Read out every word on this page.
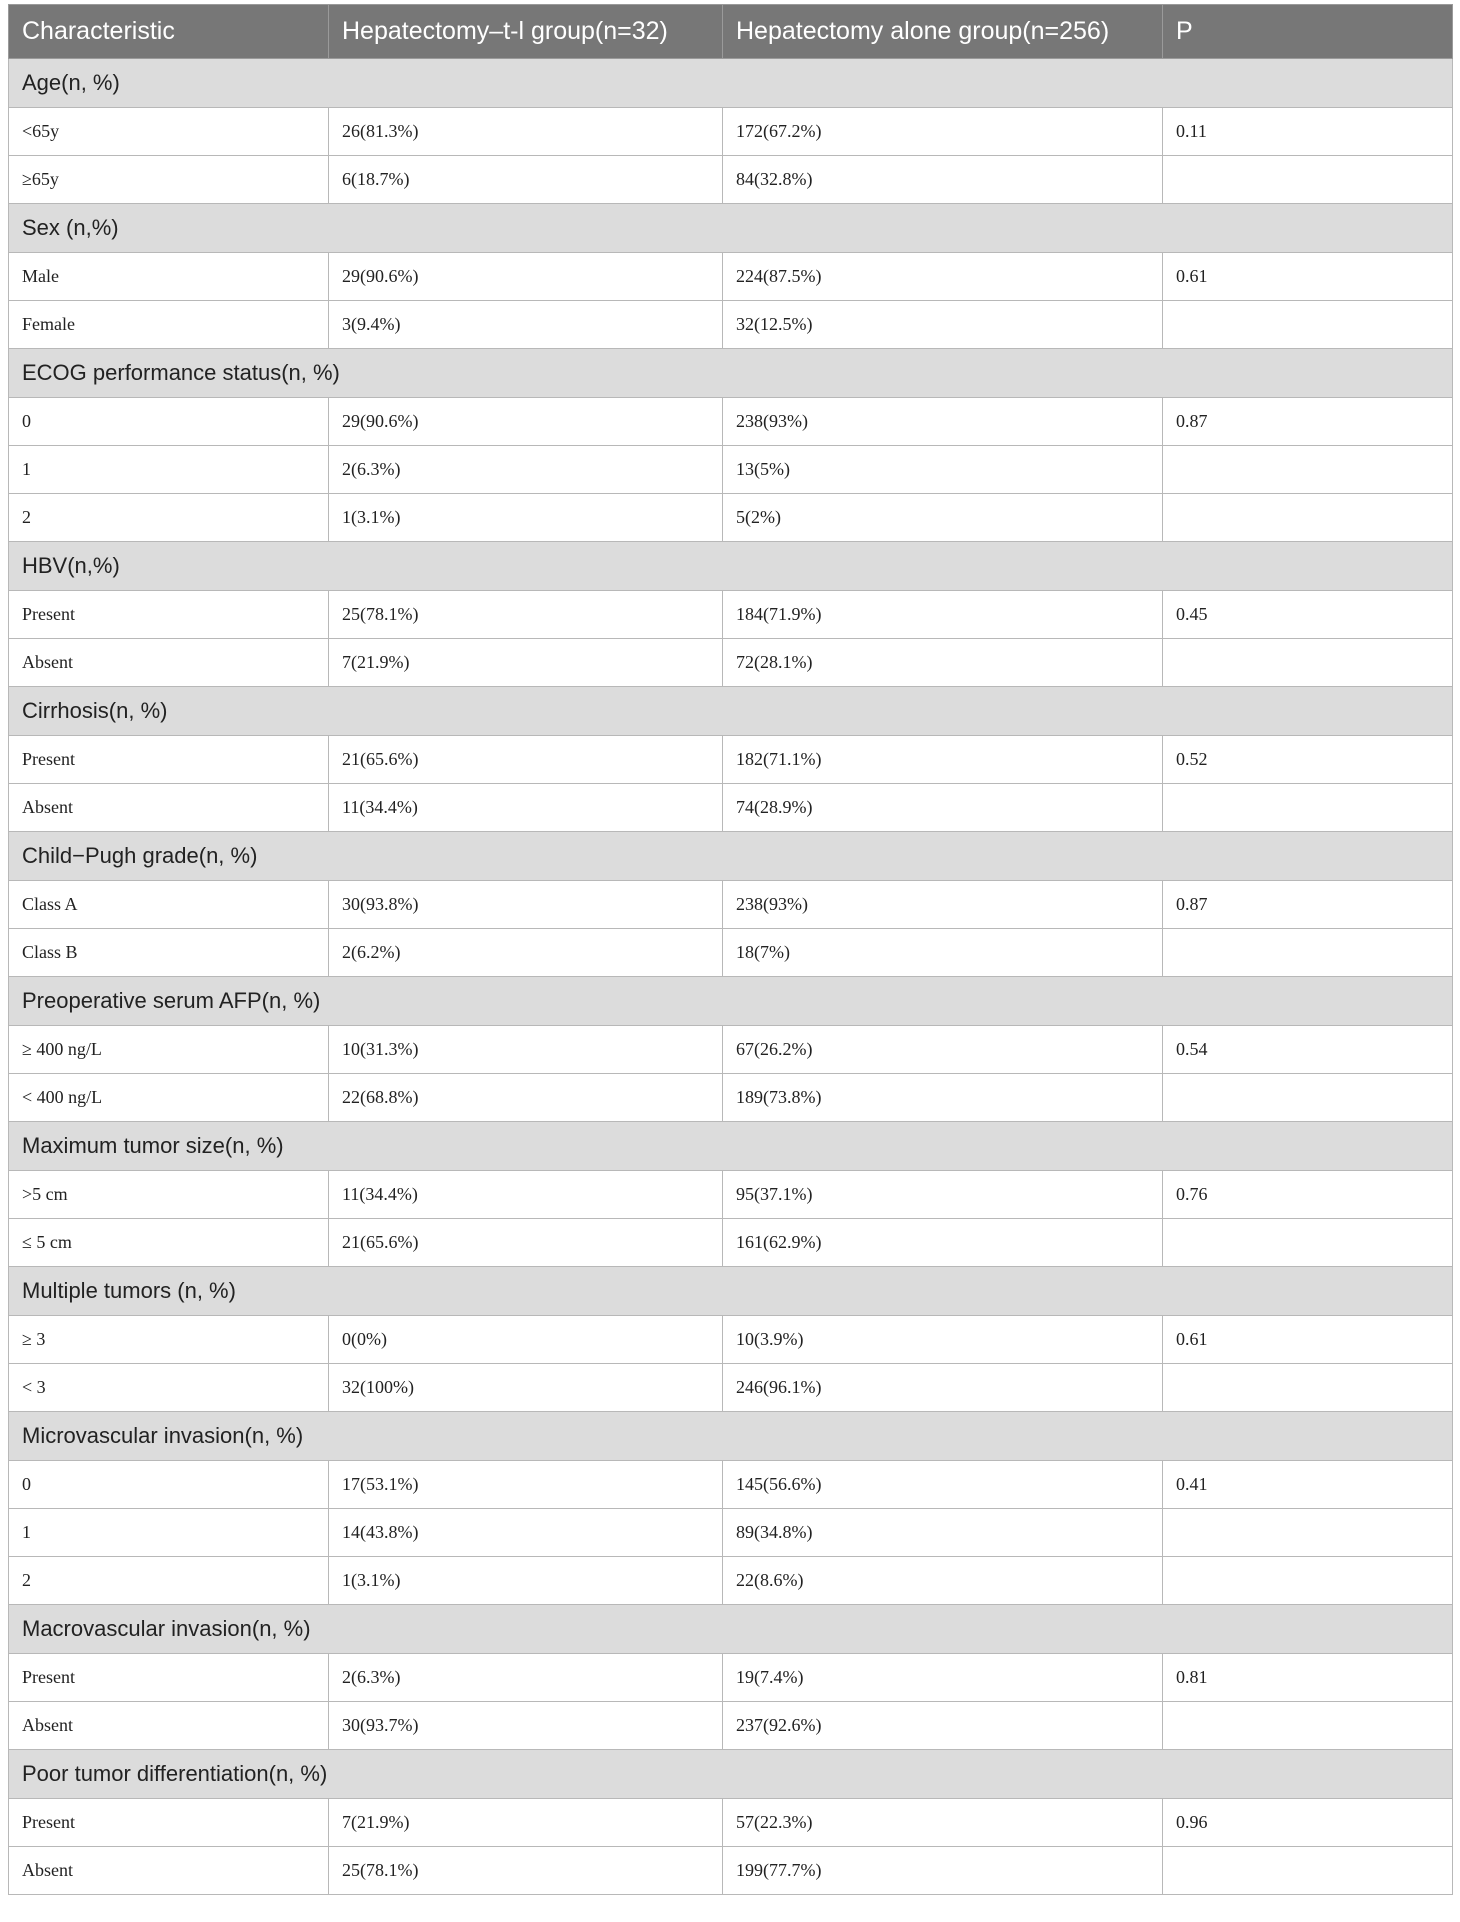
Characteristic	Hepatectomy–t-l group(n=32)	Hepatectomy alone group(n=256)	P
Age(n, %)			
<65y	26(81.3%)	172(67.2%)	0.11
≥65y	6(18.7%)	84(32.8%)	
Sex (n,%)			
Male	29(90.6%)	224(87.5%)	0.61
Female	3(9.4%)	32(12.5%)	
ECOG performance status(n, %)			
0	29(90.6%)	238(93%)	0.87
1	2(6.3%)	13(5%)	
2	1(3.1%)	5(2%)	
HBV(n,%)			
Present	25(78.1%)	184(71.9%)	0.45
Absent	7(21.9%)	72(28.1%)	
Cirrhosis(n, %)			
Present	21(65.6%)	182(71.1%)	0.52
Absent	11(34.4%)	74(28.9%)	
Child−Pugh grade(n, %)			
Class A	30(93.8%)	238(93%)	0.87
Class B	2(6.2%)	18(7%)	
Preoperative serum AFP(n, %)			
≥ 400 ng/L	10(31.3%)	67(26.2%)	0.54
< 400 ng/L	22(68.8%)	189(73.8%)	
Maximum tumor size(n, %)			
>5 cm	11(34.4%)	95(37.1%)	0.76
≤ 5 cm	21(65.6%)	161(62.9%)	
Multiple tumors (n, %)			
≥ 3	0(0%)	10(3.9%)	0.61
< 3	32(100%)	246(96.1%)	
Microvascular invasion(n, %)			
0	17(53.1%)	145(56.6%)	0.41
1	14(43.8%)	89(34.8%)	
2	1(3.1%)	22(8.6%)	
Macrovascular invasion(n, %)			
Present	2(6.3%)	19(7.4%)	0.81
Absent	30(93.7%)	237(92.6%)	
Poor tumor differentiation(n, %)			
Present	7(21.9%)	57(22.3%)	0.96
Absent	25(78.1%)	199(77.7%)	
